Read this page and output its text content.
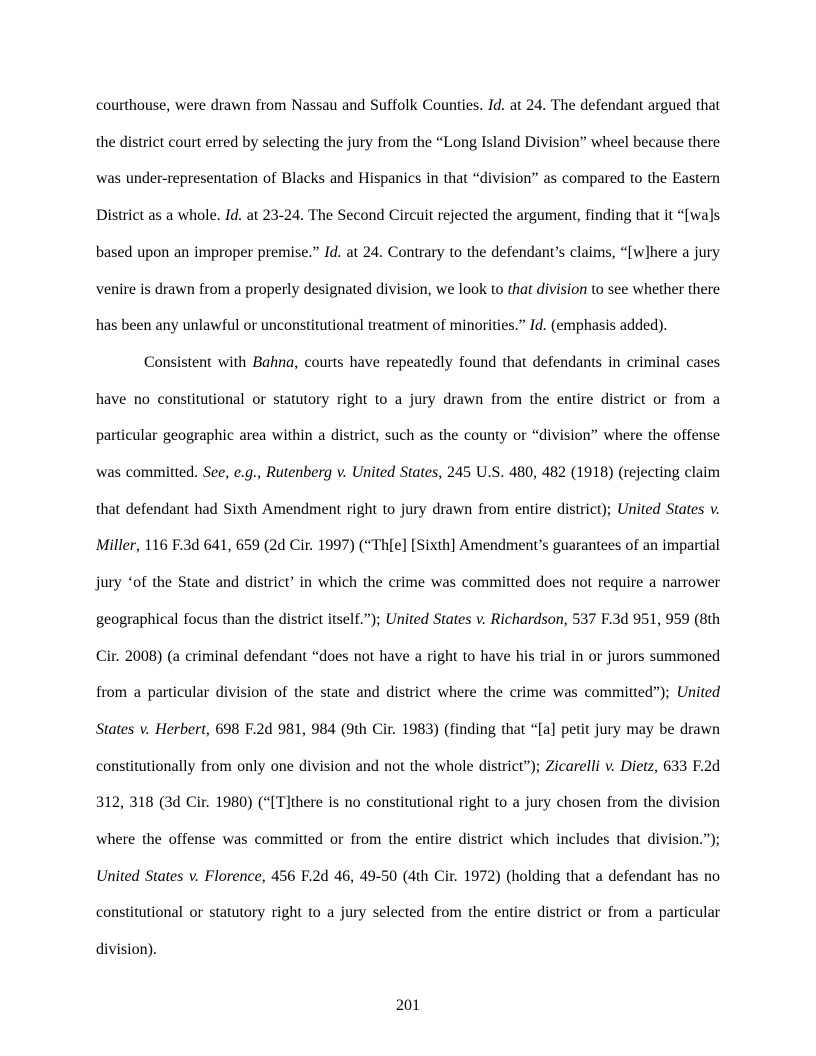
courthouse, were drawn from Nassau and Suffolk Counties. Id. at 24. The defendant argued that the district court erred by selecting the jury from the “Long Island Division” wheel because there was under-representation of Blacks and Hispanics in that “division” as compared to the Eastern District as a whole. Id. at 23-24. The Second Circuit rejected the argument, finding that it “[wa]s based upon an improper premise.” Id. at 24. Contrary to the defendant’s claims, “[w]here a jury venire is drawn from a properly designated division, we look to that division to see whether there has been any unlawful or unconstitutional treatment of minorities.” Id. (emphasis added).

Consistent with Bahna, courts have repeatedly found that defendants in criminal cases have no constitutional or statutory right to a jury drawn from the entire district or from a particular geographic area within a district, such as the county or “division” where the offense was committed. See, e.g., Rutenberg v. United States, 245 U.S. 480, 482 (1918) (rejecting claim that defendant had Sixth Amendment right to jury drawn from entire district); United States v. Miller, 116 F.3d 641, 659 (2d Cir. 1997) (“Th[e] [Sixth] Amendment’s guarantees of an impartial jury ‘of the State and district’ in which the crime was committed does not require a narrower geographical focus than the district itself.”); United States v. Richardson, 537 F.3d 951, 959 (8th Cir. 2008) (a criminal defendant “does not have a right to have his trial in or jurors summoned from a particular division of the state and district where the crime was committed”); United States v. Herbert, 698 F.2d 981, 984 (9th Cir. 1983) (finding that “[a] petit jury may be drawn constitutionally from only one division and not the whole district”); Zicarelli v. Dietz, 633 F.2d 312, 318 (3d Cir. 1980) (“[T]there is no constitutional right to a jury chosen from the division where the offense was committed or from the entire district which includes that division.”); United States v. Florence, 456 F.2d 46, 49-50 (4th Cir. 1972) (holding that a defendant has no constitutional or statutory right to a jury selected from the entire district or from a particular division).

201
